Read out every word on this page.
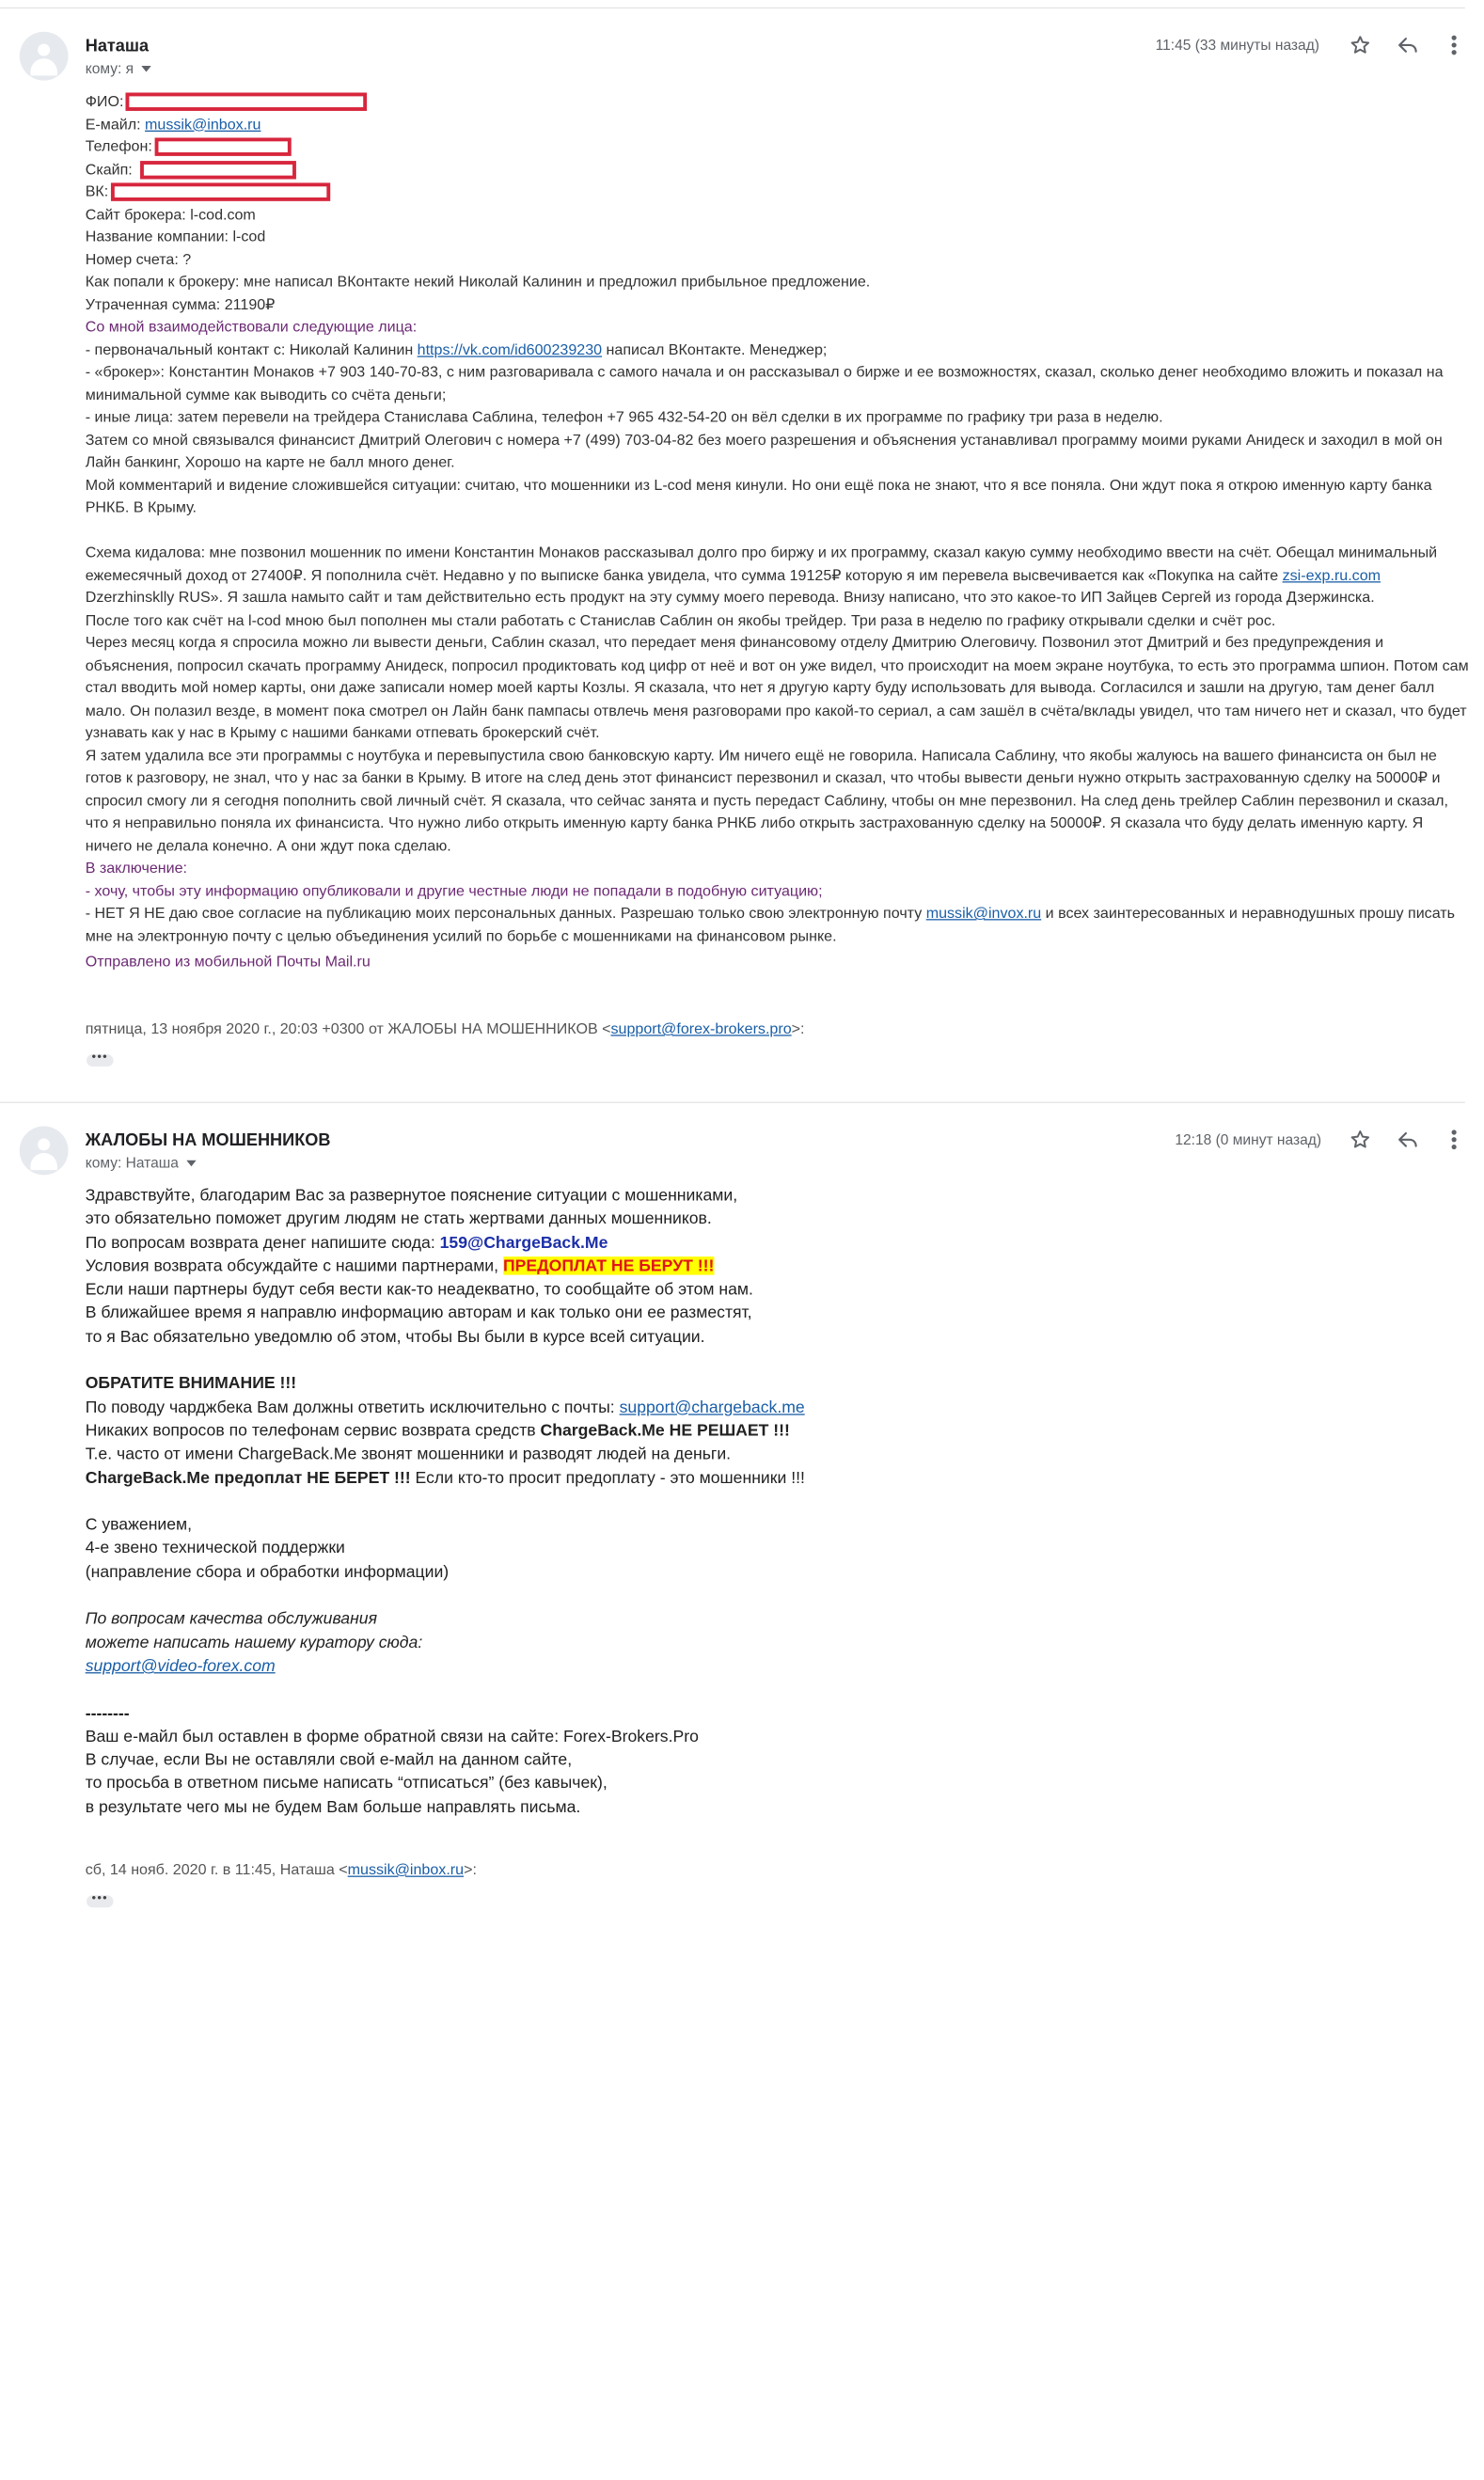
Наташа
кому: я
11:45 (33 минуты назад)

ФИО:

Е-майл: mussik@inbox.ru

Телефон:

Скайп:

ВК:

Сайт брокера: l-cod.com

Название компании: l-cod

Номер счета: ?

Как попали к брокеру: мне написал ВКонтакте некий Николай Калинин и предложил прибыльное предложение.

Утраченная сумма: 21190₽

Со мной взаимодействовали следующие лица:

- первоначальный контакт с: Николай Калинин https://vk.com/id600239230 написал ВКонтакте. Менеджер;

- «брокер»: Константин Монаков +7 903 140-70-83, с ним разговаривала с самого начала и он рассказывал о бирже и ее возможностях, сказал, сколько денег необходимо вложить и показал на минимальной сумме как выводить со счёта деньги;

- иные лица: затем перевели на трейдера Станислава Саблина, телефон +7 965 432-54-20 он вёл сделки в их программе по графику три раза в неделю.

Затем со мной связывался финансист Дмитрий Олегович с номера +7 (499) 703-04-82 без моего разрешения и объяснения устанавливал программу моими руками Анидеск и заходил в мой он Лайн банкинг, Хорошо на карте не балл много денег.

Мой комментарий и видение сложившейся ситуации: считаю, что мошенники из L-cod меня кинули. Но они ещё пока не знают, что я все поняла. Они ждут пока я открою именную карту банка РНКБ. В Крыму.

Схема кидалова: мне позвонил мошенник по имени Константин Монаков рассказывал долго про биржу и их программу, сказал какую сумму необходимо ввести на счёт. Обещал минимальный ежемесячный доход от 27400₽. Я пополнила счёт. Недавно у по выписке банка увидела, что сумма 19125₽ которую я им перевела высвечивается как «Покупка на сайте zsi-exp.ru.com Dzerzhinsklly RUS». Я зашла намыто сайт и там действительно есть продукт на эту сумму моего перевода. Внизу написано, что это какое-то ИП Зайцев Сергей из города Дзержинска.

После того как счёт на l-cod мною был пополнен мы стали работать с Станислав Саблин он якобы трейдер. Три раза в неделю по графику открывали сделки и счёт рос.

Через месяц когда я спросила можно ли вывести деньги, Саблин сказал, что передает меня финансовому отделу Дмитрию Олеговичу. Позвонил этот Дмитрий и без предупреждения и объяснения, попросил скачать программу Анидеск, попросил продиктовать код цифр от неё и вот он уже видел, что происходит на моем экране ноутбука, то есть это программа шпион. Потом сам стал вводить мой номер карты, они даже записали номер моей карты Козлы. Я сказала, что нет я другую карту буду использовать для вывода. Согласился и зашли на другую, там денег балл мало. Он полазил везде, в момент пока смотрел он Лайн банк пампасы отвлечь меня разговорами про какой-то сериал, а сам зашёл в счёта/вклады увидел, что там ничего нет и сказал, что будет узнавать как у нас в Крыму с нашими банками отпевать брокерский счёт.

Я затем удалила все эти программы с ноутбука и перевыпустила свою банковскую карту. Им ничего ещё не говорила. Написала Саблину, что якобы жалуюсь на вашего финансиста он был не готов к разговору, не знал, что у нас за банки в Крыму. В итоге на след день этот финансист перезвонил и сказал, что чтобы вывести деньги нужно открыть застрахованную сделку на 50000₽ и спросил смогу ли я сегодня пополнить свой личный счёт. Я сказала, что сейчас занята и пусть передаст Саблину, чтобы он мне перезвонил. На след день трейлер Саблин перезвонил и сказал, что я неправильно поняла их финансиста. Что нужно либо открыть именную карту банка РНКБ либо открыть застрахованную сделку на 50000₽. Я сказала что буду делать именную карту. Я ничего не делала конечно. А они ждут пока сделаю.

В заключение:

- хочу, чтобы эту информацию опубликовали и другие честные люди не попадали в подобную ситуацию;

- НЕТ Я НЕ даю свое согласие на публикацию моих персональных данных. Разрешаю только свою электронную почту mussik@invox.ru и всех заинтересованных и неравнодушных прошу писать мне на электронную почту с целью объединения усилий по борьбе с мошенниками на финансовом рынке.

Отправлено из мобильной Почты Mail.ru

пятница, 13 ноября 2020 г., 20:03 +0300 от ЖАЛОБЫ НА МОШЕННИКОВ <support@forex-brokers.pro>:
•••
ЖАЛОБЫ НА МОШЕННИКОВ
кому: Наташа
12:18 (0 минут назад)

Здравствуйте, благодарим Вас за развернутое пояснение ситуации с мошенниками,

это обязательно поможет другим людям не стать жертвами данных мошенников.

По вопросам возврата денег напишите сюда: 159@ChargeBack.Me

Условия возврата обсуждайте с нашими партнерами, ПРЕДОПЛАТ НЕ БЕРУТ !!!

Если наши партнеры будут себя вести как-то неадекватно, то сообщайте об этом нам.

В ближайшее время я направлю информацию авторам и как только они ее разместят,

то я Вас обязательно уведомлю об этом, чтобы Вы были в курсе всей ситуации.

ОБРАТИТЕ ВНИМАНИЕ !!!

По поводу чарджбека Вам должны ответить исключительно с почты: support@chargeback.me

Никаких вопросов по телефонам сервис возврата средств ChargeBack.Me НЕ РЕШАЕТ !!!

Т.е. часто от имени ChargeBack.Me звонят мошенники и разводят людей на деньги.

ChargeBack.Me предоплат НЕ БЕРЕТ !!! Если кто-то просит предоплату - это мошенники !!!

С уважением,

4-е звено технической поддержки

(направление сбора и обработки информации)

По вопросам качества обслуживания

можете написать нашему куратору сюда:

support@video-forex.com

--------

Ваш е-майл был оставлен в форме обратной связи на сайте: Forex-Brokers.Pro

В случае, если Вы не оставляли свой е-майл на данном сайте,

то просьба в ответном письме написать “отписаться” (без кавычек),

в результате чего мы не будем Вам больше направлять письма.

сб, 14 нояб. 2020 г. в 11:45, Наташа <mussik@inbox.ru>:
•••
